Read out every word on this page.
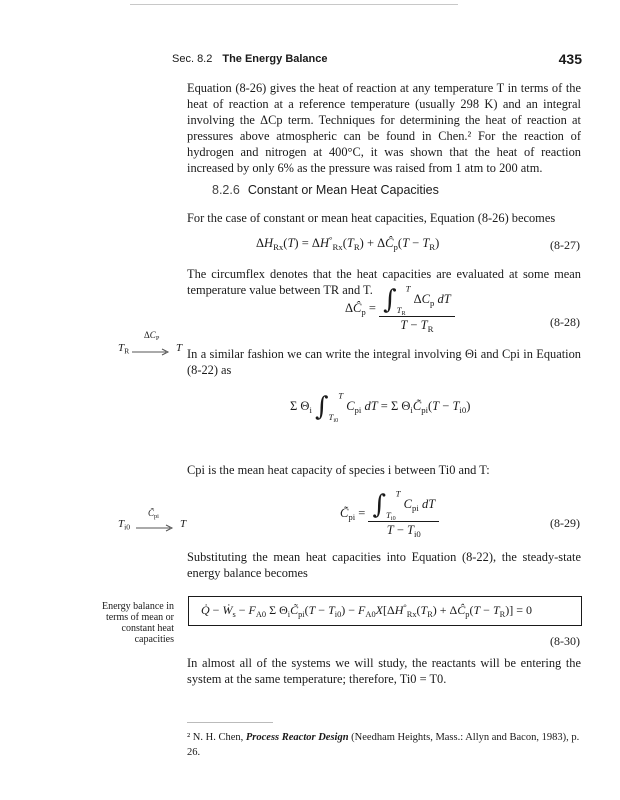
Sec. 8.2 The Energy Balance	435

Equation (8-26) gives the heat of reaction at any temperature T in terms of the heat of reaction at a reference temperature (usually 298 K) and an integral involving the ΔCp term. Techniques for determining the heat of reaction at pressures above atmospheric can be found in Chen.² For the reaction of hydrogen and nitrogen at 400°C, it was shown that the heat of reaction increased by only 6% as the pressure was raised from 1 atm to 200 atm.

8.2.6 Constant or Mean Heat Capacities

For the case of constant or mean heat capacities, Equation (8-26) becomes

$\Delta H_{Rx}(T) = \Delta H^\circ_{Rx}(T_R)$ + $\Delta Ĉ_p(T - T_R)$	(8-27)

The circumflex denotes that the heat capacities are evaluated at some mean temperature value between TR and T.

$\Delta C_P$
$T_R$	T
$\Delta Ĉ_p = \frac{\int_{T_R}^T \Delta C_p dT}{T - T_R}$	(8-28)

In a similar fashion we can write the integral involving Θi and Cpi in Equation (8-22) as

Σ $\Theta_i$ $\int_{T_{i0}}^T$ $C_{pi}$ dT = Σ $\Theta_iC̃_{pi}(T - T_{i0})$

Cpi is the mean heat capacity of species i between Ti0 and T:

$C̃_{pi}$
$T_{i0}$	T
$C̃_{pi} = \frac{\int_{T_{i0}}^T C_{pi} dT}{T - T_{i0}}$	(8-29)

Substituting the mean heat capacities into Equation (8-22), the steady-state energy balance becomes

Energy balance in
terms of mean or
constant heat
capacities
Q̇ − Ẇ$_s$ − $F_{A0}$ Σ $\Theta_iC̃_{pi}(T - T_{i0}) - F_{A0}X[\Delta H^\circ_{Rx}(T_R)$ + $\Delta Ĉ_p(T - T_R)] = 0$
(8-30)

In almost all of the systems we will study, the reactants will be entering the system at the same temperature; therefore, Ti0 = T0.

² N. H. Chen, Process Reactor Design (Needham Heights, Mass.: Allyn and Bacon, 1983), p. 26.
